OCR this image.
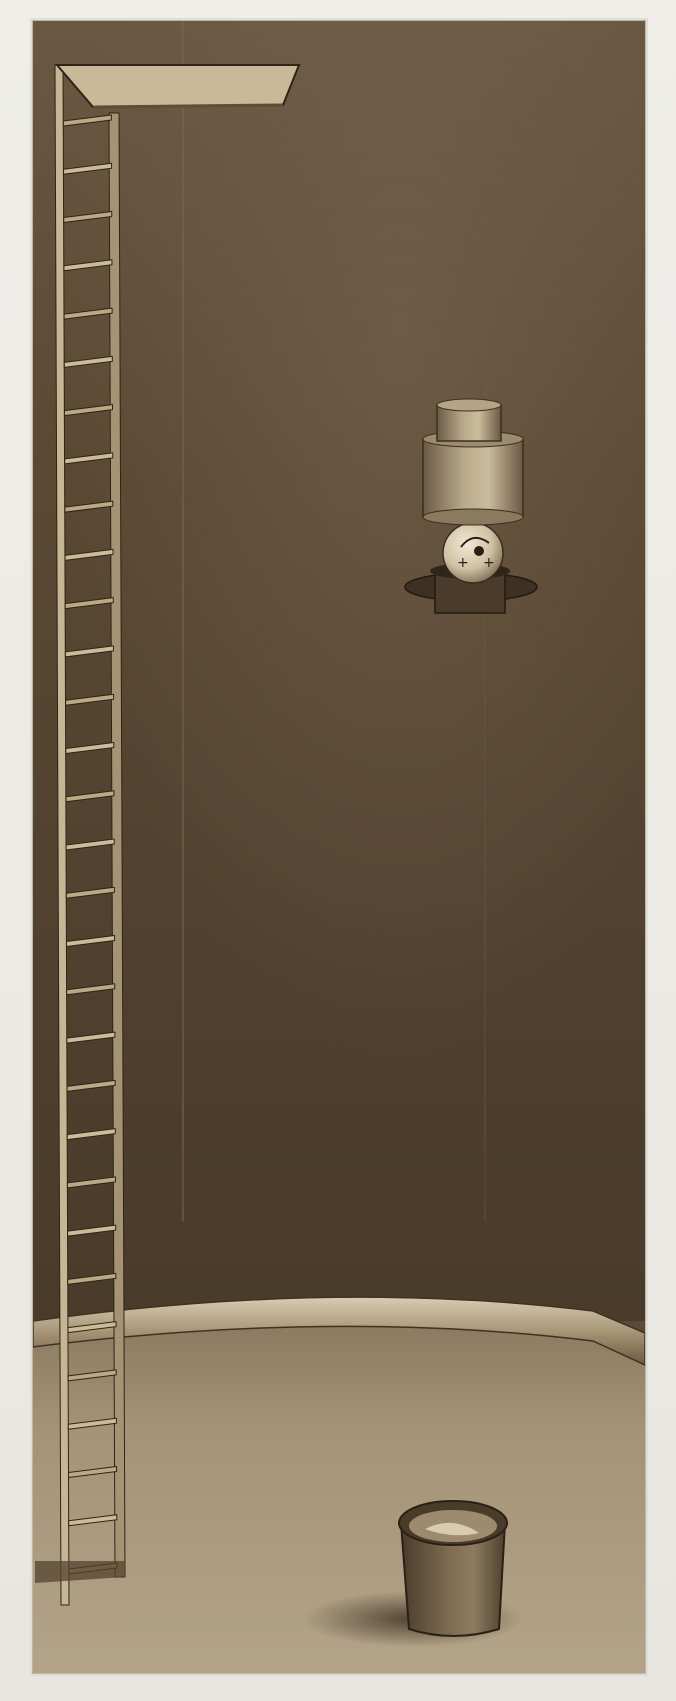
+ +
